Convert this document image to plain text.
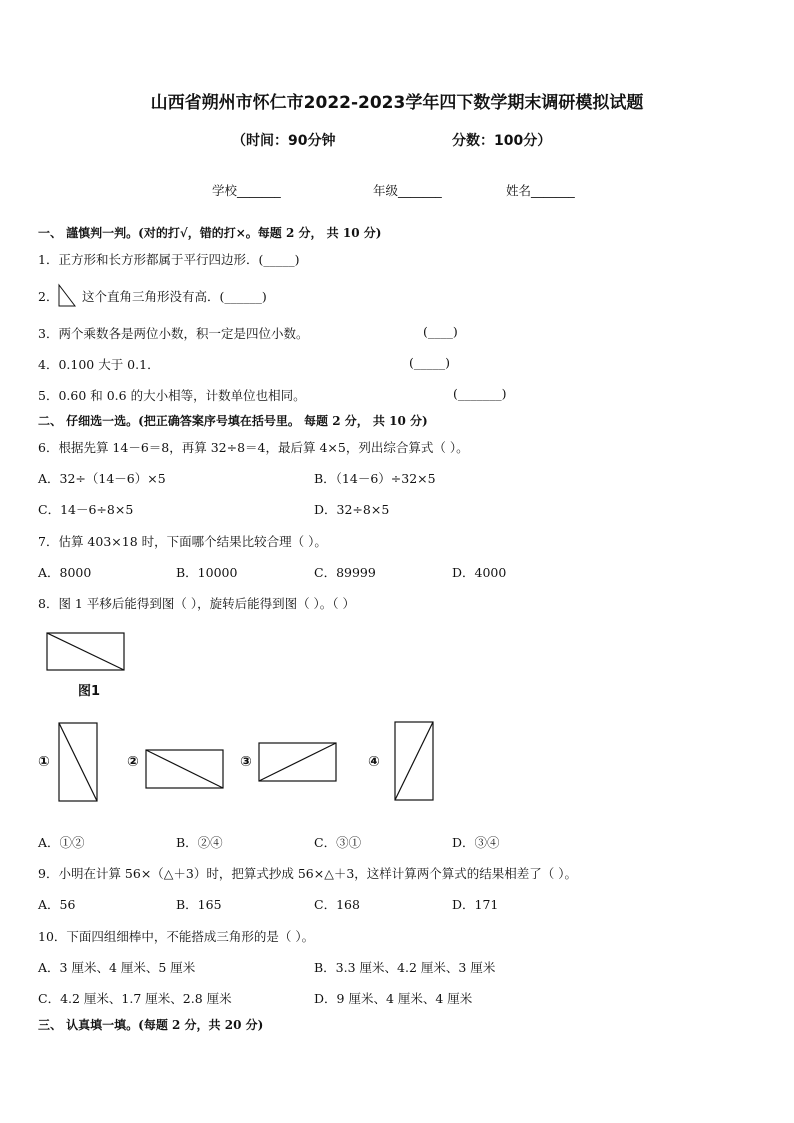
山西省朔州市怀仁市2022-2023学年四下数学期末调研模拟试题
（时间：90分钟	分数：100分）
学校_______	年级_______	姓名_______
一、 謹慎判一判。(对的打√，错的打×。每题 2 分， 共 10 分)
1．正方形和长方形都属于平行四边形．(_____)
2． 这个直角三角形没有高．(______)
3．两个乘数各是两位小数，积一定是四位小数。	(____)
4．0.100 大于 0.1．	(_____)
5．0.60 和 0.6 的大小相等，计数单位也相同。	(_______)
二、 仔细选一选。(把正确答案序号填在括号里。 每题 2 分， 共 10 分)
6．根据先算 14－6＝8，再算 32÷8＝4，最后算 4×5，列出综合算式（ ）。
A．32÷（14－6）×5	B．（14－6）÷32×5
C．14－6÷8×5	D．32÷8×5
7．估算 403×18 时，下面哪个结果比较合理（ ）。
A．8000	B．10000	C．89999	D．4000
8．图 1 平移后能得到图（ ），旋转后能得到图（ ）。（ ）
图1
①	②	③	④
A．①②	B．②④	C．③①	D．③④
9．小明在计算 56×（△＋3）时，把算式抄成 56×△＋3，这样计算两个算式的结果相差了（ ）。
A．56	B．165	C．168	D．171
10．下面四组细棒中，不能搭成三角形的是（ ）。
A．3 厘米、4 厘米、5 厘米	B．3.3 厘米、4.2 厘米、3 厘米
C．4.2 厘米、1.7 厘米、2.8 厘米	D．9 厘米、4 厘米、4 厘米
三、 认真填一填。(每题 2 分，共 20 分)
